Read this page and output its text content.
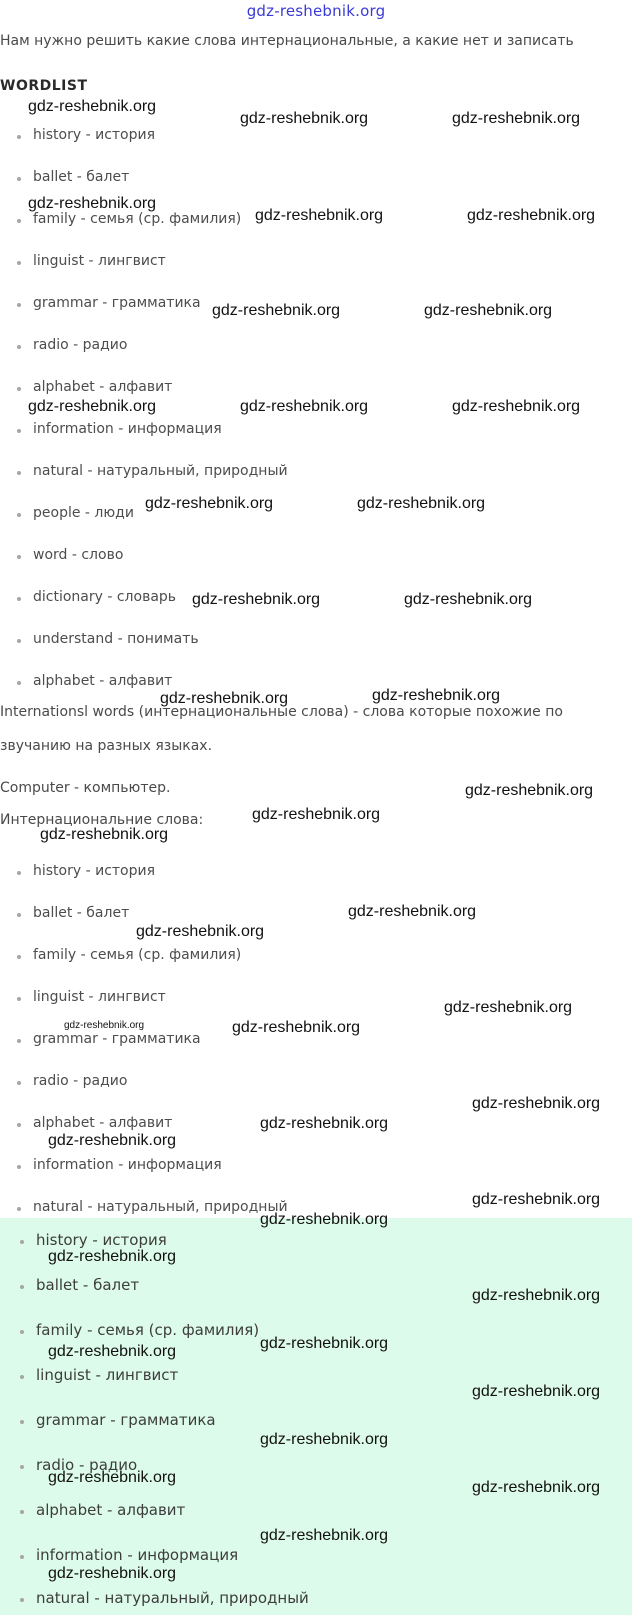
gdz-reshebnik.org
Нам нужно решить какие слова интернациональные, а какие нет и записать
WORDLIST
history - история
ballet - балет
family - семья (ср. фамилия)
linguist - лингвист
grammar - грамматика
radio - радио
alphabet - алфавит
information - информация
natural - натуральный, природный
people - люди
word - слово
dictionary - словарь
understand - понимать
alphabet - алфавит
Internationsl words (интернациональные слова) - слова которые похожие по
звучанию на разных языках.
Computer - компьютер.
Интернациональние слова:
history - история
ballet - балет
family - семья (ср. фамилия)
linguist - лингвист
grammar - грамматика
radio - радио
alphabet - алфавит
information - информация
natural - натуральный, природный
history - история
ballet - балет
family - семья (ср. фамилия)
linguist - лингвист
grammar - грамматика
radio - радио
alphabet - алфавит
information - информация
natural - натуральный, природный
gdz-reshebnik.org
gdz-reshebnik.org	gdz-reshebnik.org
gdz-reshebnik.org
gdz-reshebnik.org	gdz-reshebnik.org
gdz-reshebnik.org	gdz-reshebnik.org
gdz-reshebnik.org	gdz-reshebnik.org	gdz-reshebnik.org
gdz-reshebnik.org	gdz-reshebnik.org
gdz-reshebnik.org	gdz-reshebnik.org
gdz-reshebnik.org	gdz-reshebnik.org
gdz-reshebnik.org
gdz-reshebnik.org
gdz-reshebnik.org
gdz-reshebnik.org
gdz-reshebnik.org
gdz-reshebnik.org
gdz-reshebnik.org	gdz-reshebnik.org
gdz-reshebnik.org
gdz-reshebnik.org
gdz-reshebnik.org
gdz-reshebnik.org
gdz-reshebnik.org
gdz-reshebnik.org
gdz-reshebnik.org
gdz-reshebnik.org
gdz-reshebnik.org
gdz-reshebnik.org
gdz-reshebnik.org
gdz-reshebnik.org
gdz-reshebnik.org
gdz-reshebnik.org
gdz-reshebnik.org
